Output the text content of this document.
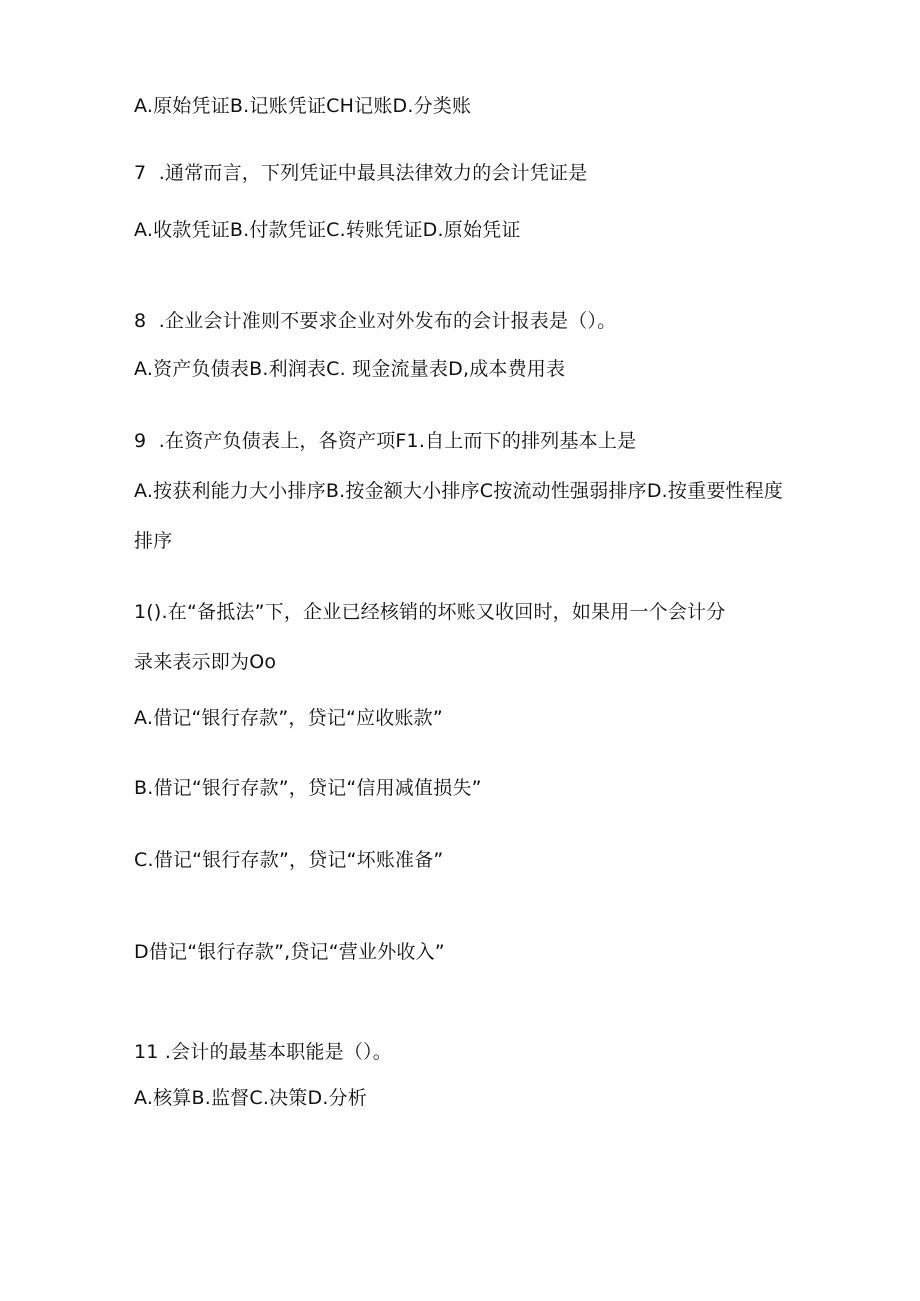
A.原始凭证B.记账凭证CH记账D.分类账
7  .通常而言，下列凭证中最具法律效力的会计凭证是
A.收款凭证B.付款凭证C.转账凭证D.原始凭证
8  .企业会计准则不要求企业对外发布的会计报表是（）。
A.资产负债表B.利润表C. 现金流量表D,成本费用表
9  .在资产负债表上，各资产项F1.自上而下的排列基本上是
A.按获利能力大小排序B.按金额大小排序C按流动性强弱排序D.按重要性程度
排序
1().在“备抵法”下，企业已经核销的坏账又收回时，如果用一个会计分
录来表示即为Oo
A.借记“银行存款”，贷记“应收账款”
B.借记“银行存款”，贷记“信用减值损失”
C.借记“银行存款”，贷记“坏账准备”
D借记“银行存款”,贷记“营业外收入”
11 .会计的最基本职能是（）。
A.核算B.监督C.决策D.分析
